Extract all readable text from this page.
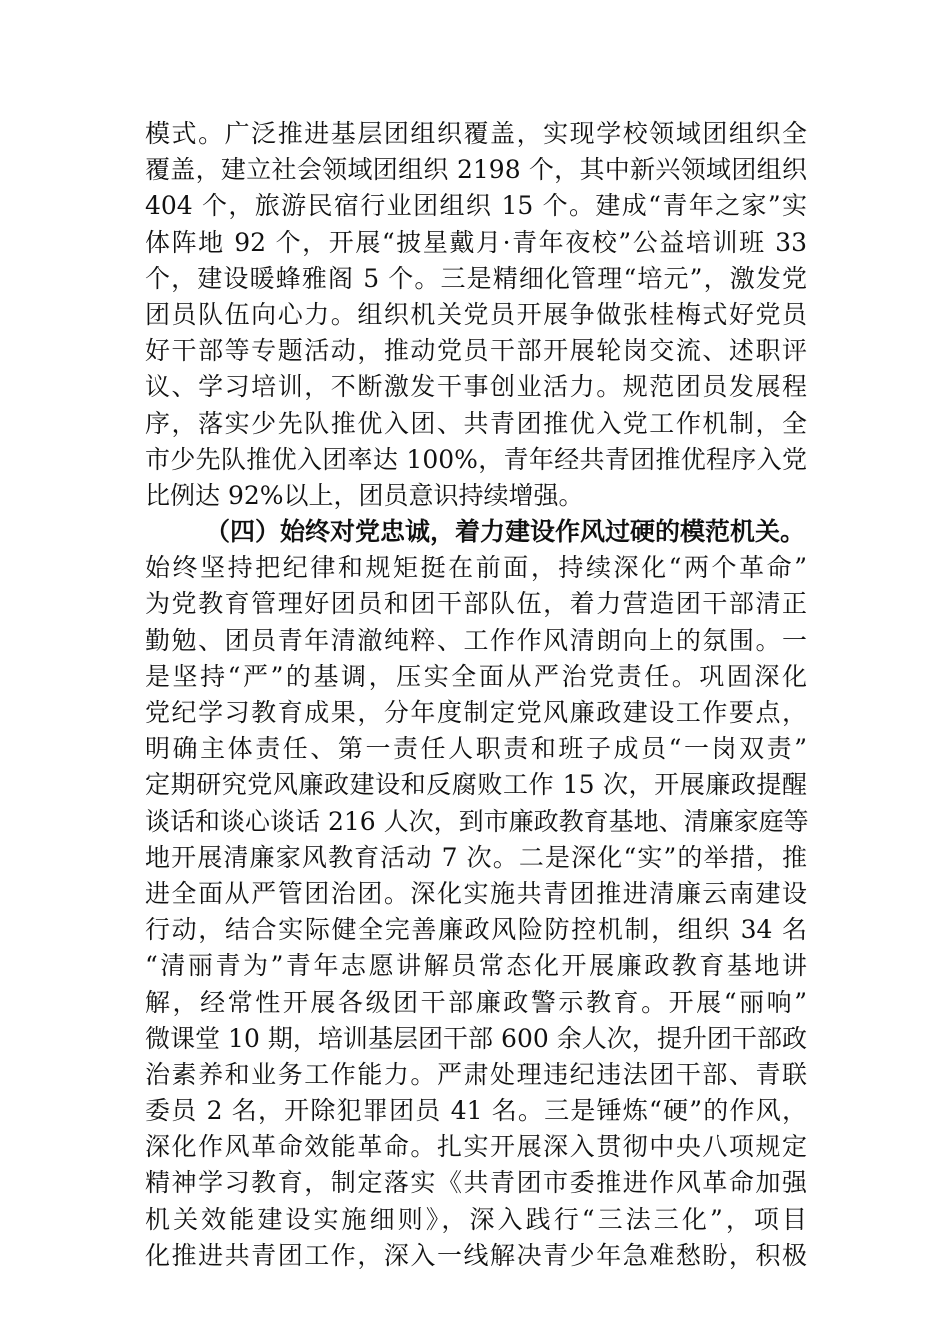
模式。广泛推进基层团组织覆盖，实现学校领域团组织全
覆盖，建立社会领域团组织 2198 个，其中新兴领域团组织
404 个，旅游民宿行业团组织 15 个。建成“青年之家”实
体阵地 92 个，开展“披星戴月·青年夜校”公益培训班 33
个，建设暖蜂雅阁 5 个。三是精细化管理“培元”，激发党
团员队伍向心力。组织机关党员开展争做张桂梅式好党员
好干部等专题活动，推动党员干部开展轮岗交流、述职评
议、学习培训，不断激发干事创业活力。规范团员发展程
序，落实少先队推优入团、共青团推优入党工作机制，全
市少先队推优入团率达 100%，青年经共青团推优程序入党
比例达 92%以上，团员意识持续增强。
（四）始终对党忠诚，着力建设作风过硬的模范机关。
始终坚持把纪律和规矩挺在前面，持续深化“两个革命”
为党教育管理好团员和团干部队伍，着力营造团干部清正
勤勉、团员青年清澈纯粹、工作作风清朗向上的氛围。一
是坚持“严”的基调，压实全面从严治党责任。巩固深化
党纪学习教育成果，分年度制定党风廉政建设工作要点，
明确主体责任、第一责任人职责和班子成员“一岗双责”
定期研究党风廉政建设和反腐败工作 15 次，开展廉政提醒
谈话和谈心谈话 216 人次，到市廉政教育基地、清廉家庭等
地开展清廉家风教育活动 7 次。二是深化“实”的举措，推
进全面从严管团治团。深化实施共青团推进清廉云南建设
行动，结合实际健全完善廉政风险防控机制，组织 34 名
“清丽青为”青年志愿讲解员常态化开展廉政教育基地讲
解，经常性开展各级团干部廉政警示教育。开展“丽响”
微课堂 10 期，培训基层团干部 600 余人次，提升团干部政
治素养和业务工作能力。严肃处理违纪违法团干部、青联
委员 2 名，开除犯罪团员 41 名。三是锤炼“硬”的作风，
深化作风革命效能革命。扎实开展深入贯彻中央八项规定
精神学习教育，制定落实《共青团市委推进作风革命加强
机关效能建设实施细则》，深入践行“三法三化”，项目
化推进共青团工作，深入一线解决青少年急难愁盼，积极
